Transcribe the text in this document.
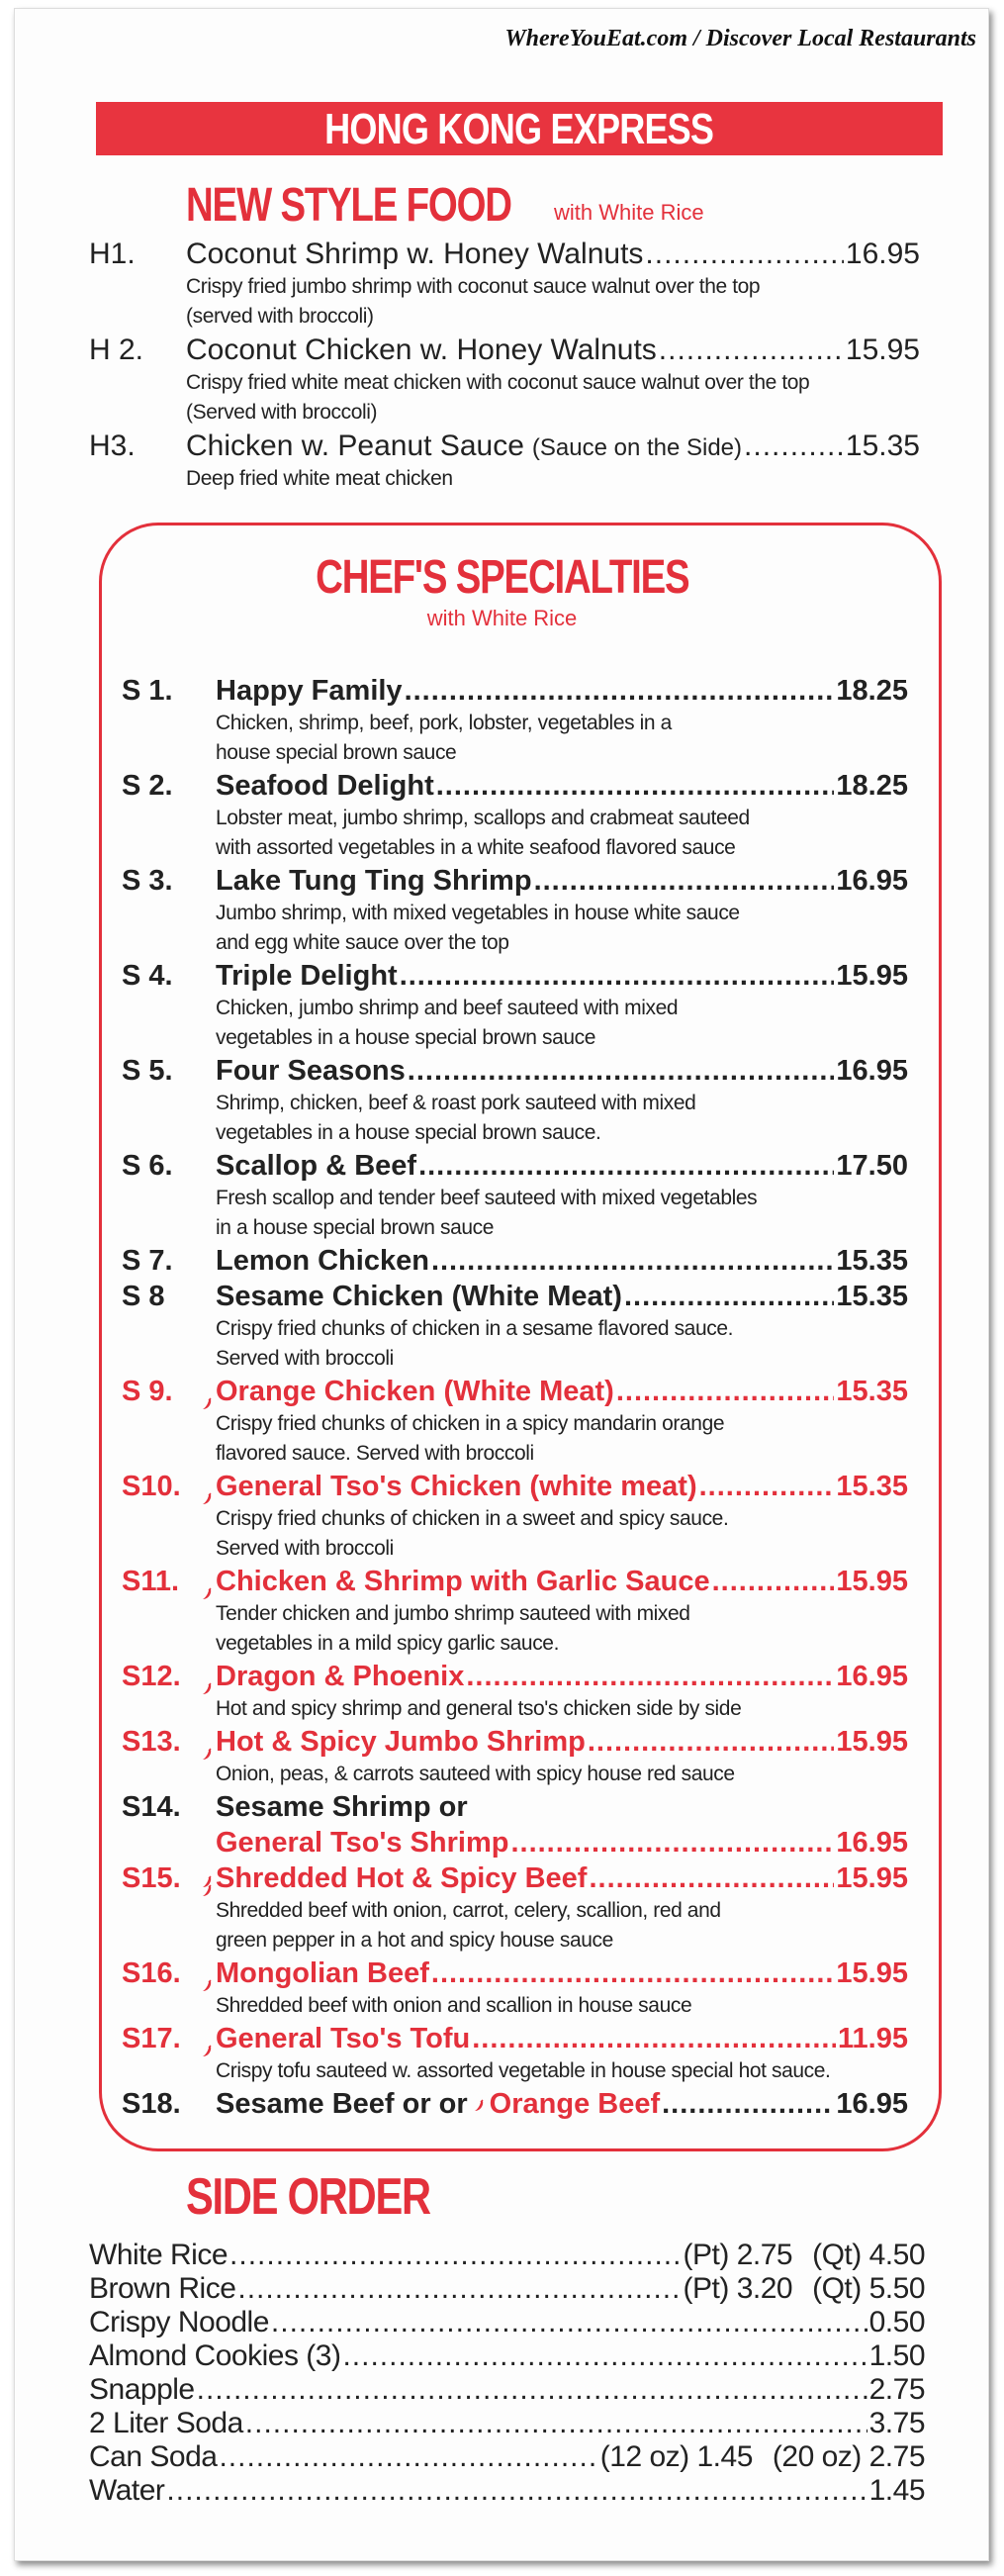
WhereYouEat.com / Discover Local Restaurants
HONG KONG EXPRESS
NEW STYLE FOOD with White Rice
H1.	Coconut Shrimp w. Honey Walnuts .....	16.95
Crispy fried jumbo shrimp with coconut sauce walnut over the top
(served with broccoli)
H 2.	Coconut Chicken w. Honey Walnuts .....	15.95
Crispy fried white meat chicken with coconut sauce walnut over the top
(Served with broccoli)
H3.	Chicken w. Peanut Sauce (Sauce on the Side) .....	15.35
Deep fried white meat chicken
CHEF'S SPECIALTIES
with White Rice
S 1.	Happy Family .....	18.25
Chicken, shrimp, beef, pork, lobster, vegetables in a
house special brown sauce
S 2.	Seafood Delight .....	18.25
Lobster meat, jumbo shrimp, scallops and crabmeat sauteed
with assorted vegetables in a white seafood flavored sauce
S 3.	Lake Tung Ting Shrimp .....	16.95
Jumbo shrimp, with mixed vegetables in house white sauce
and egg white sauce over the top
S 4.	Triple Delight .....	15.95
Chicken, jumbo shrimp and beef sauteed with mixed
vegetables in a house special brown sauce
S 5.	Four Seasons .....	16.95
Shrimp, chicken, beef & roast pork sauteed with mixed
vegetables in a house special brown sauce.
S 6.	Scallop & Beef .....	17.50
Fresh scallop and tender beef sauteed with mixed vegetables
in a house special brown sauce
S 7.	Lemon Chicken .....	15.35
S 8	Sesame Chicken (White Meat) .....	15.35
Crispy fried chunks of chicken in a sesame flavored sauce.
Served with broccoli
S 9.	Orange Chicken (White Meat) .....	15.35
Crispy fried chunks of chicken in a spicy mandarin orange
flavored sauce. Served with broccoli
S10.	General Tso's Chicken (white meat) .....	15.35
Crispy fried chunks of chicken in a sweet and spicy sauce.
Served with broccoli
S11.	Chicken & Shrimp with Garlic Sauce .....	15.95
Tender chicken and jumbo shrimp sauteed with mixed
vegetables in a mild spicy garlic sauce.
S12.	Dragon & Phoenix .....	16.95
Hot and spicy shrimp and general tso's chicken side by side
S13.	Hot & Spicy Jumbo Shrimp .....	15.95
Onion, peas, & carrots sauteed with spicy house red sauce
S14.	Sesame Shrimp or
General Tso's Shrimp .....	16.95
S15.	Shredded Hot & Spicy Beef .....	15.95
Shredded beef with onion, carrot, celery, scallion, red and
green pepper in a hot and spicy house sauce
S16.	Mongolian Beef .....	15.95
Shredded beef with onion and scallion in house sauce
S17.	General Tso's Tofu .....	11.95
Crispy tofu sauteed w. assorted vegetable in house special hot sauce.
S18.	Sesame Beef or or Orange Beef .....	16.95
SIDE ORDER
White Rice .....	(Pt) 2.75 (Qt) 4.50
Brown Rice .....	(Pt) 3.20 (Qt) 5.50
Crispy Noodle .....	0.50
Almond Cookies (3) .....	1.50
Snapple .....	2.75
2 Liter Soda .....	3.75
Can Soda .....	(12 oz) 1.45 (20 oz) 2.75
Water .....	1.45
